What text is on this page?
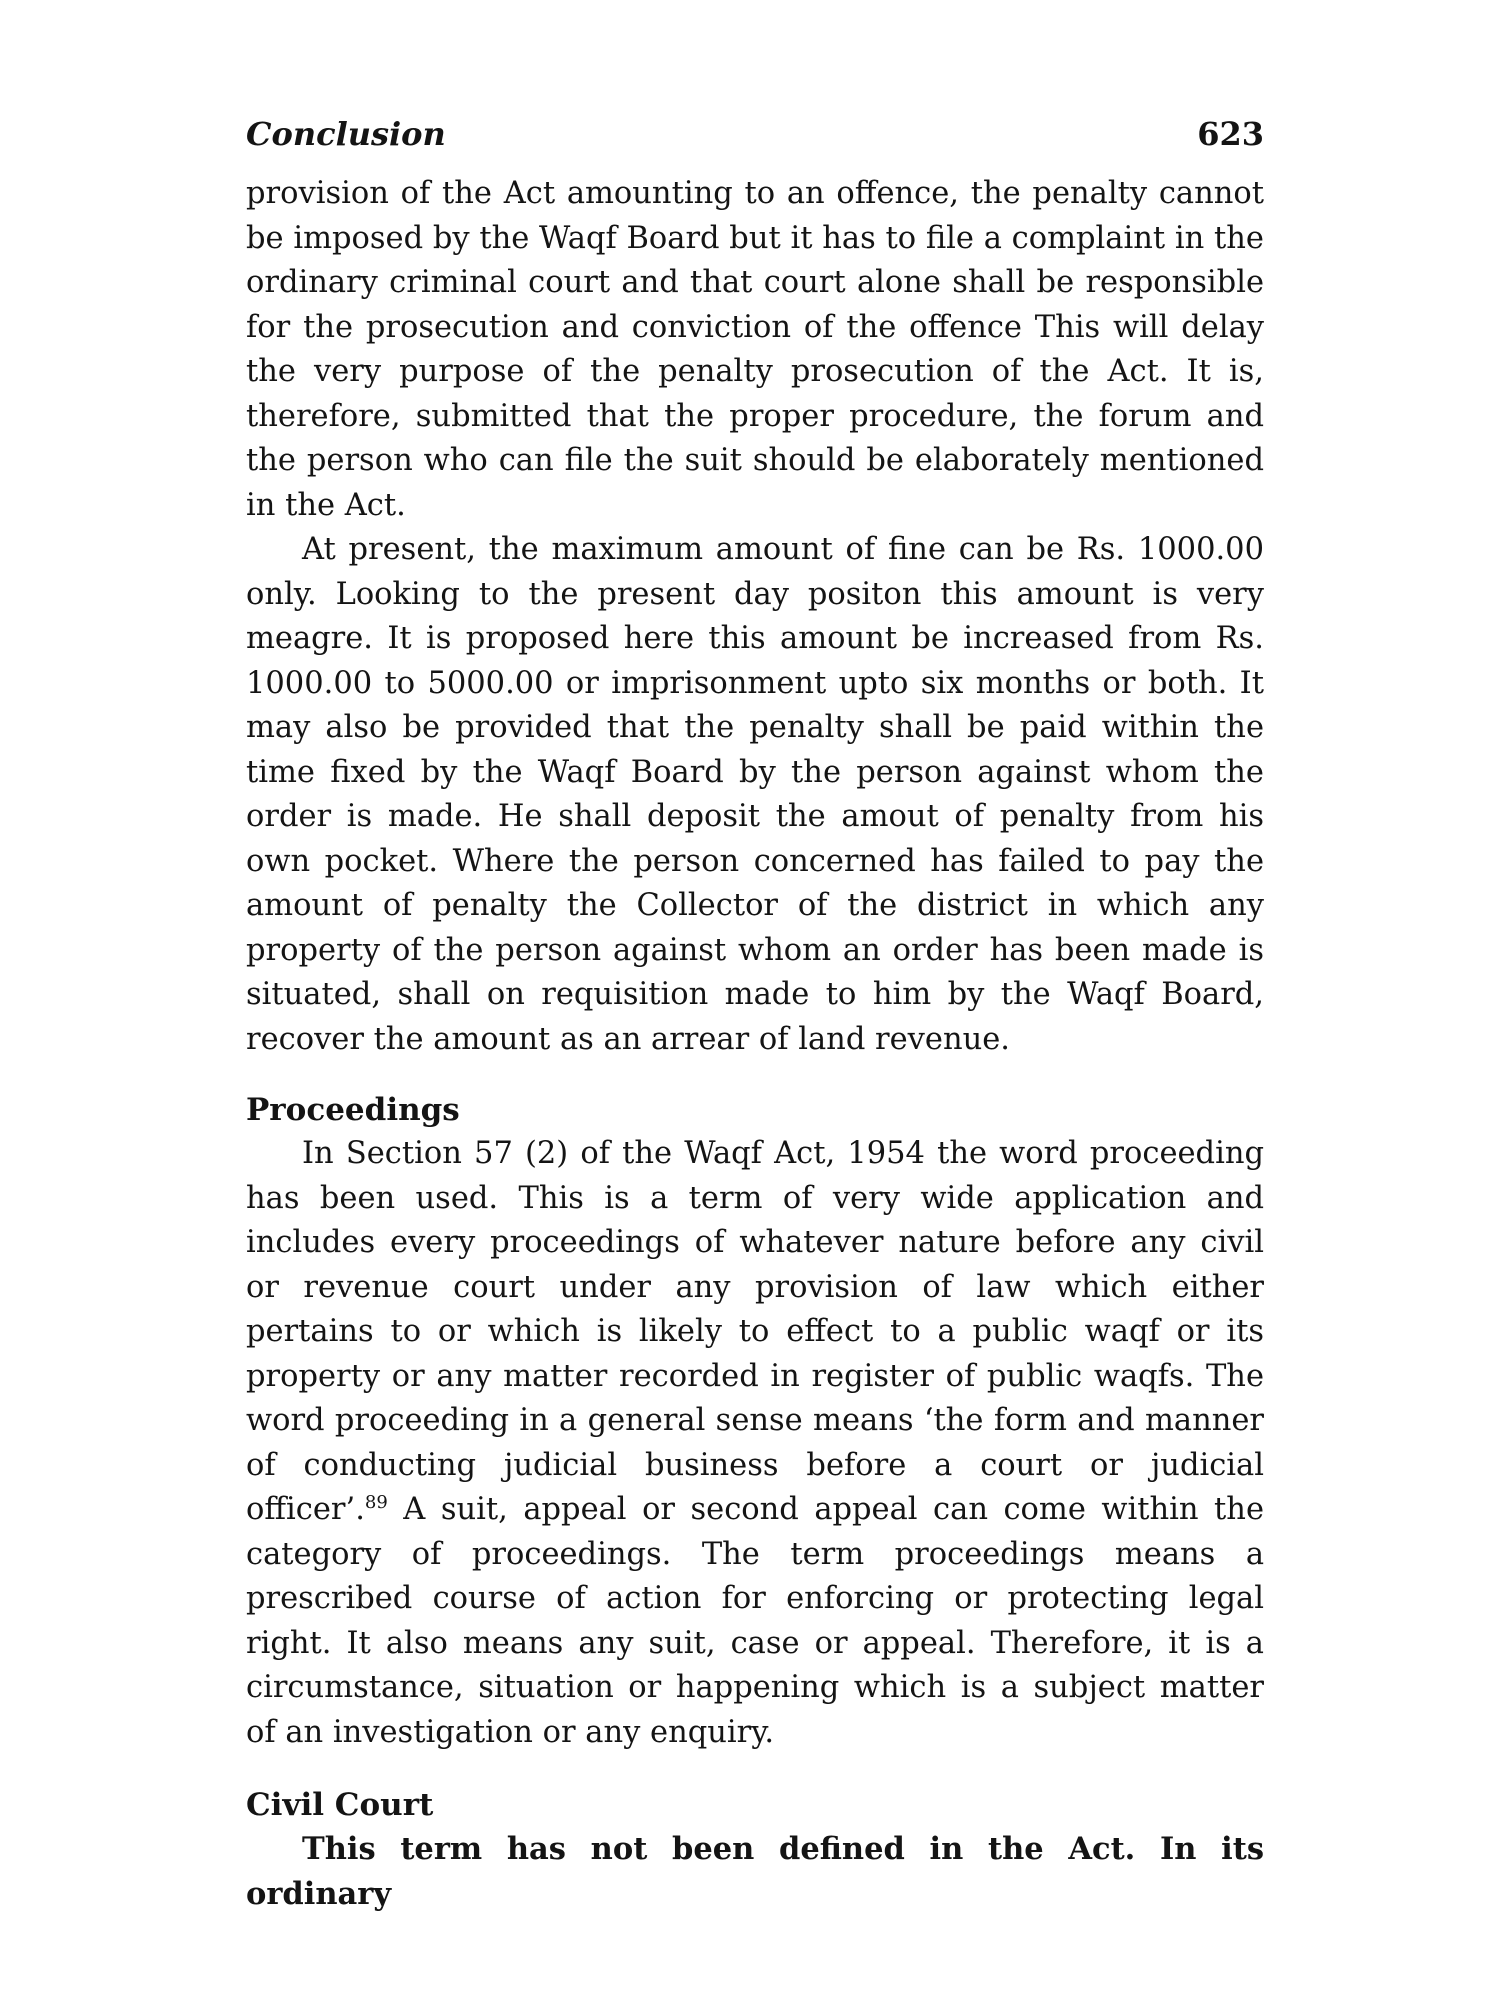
Conclusion	623

provision of the Act amounting to an offence, the penalty cannot be imposed by the Waqf Board but it has to file a complaint in the ordinary criminal court and that court alone shall be responsible for the prosecution and conviction of the offence This will delay the very purpose of the penalty prosecution of the Act. It is, therefore, submitted that the proper procedure, the forum and the person who can file the suit should be elaborately mentioned in the Act.

At present, the maximum amount of fine can be Rs. 1000.00 only. Looking to the present day positon this amount is very meagre. It is proposed here this amount be increased from Rs. 1000.00 to 5000.00 or imprisonment upto six months or both. It may also be provided that the penalty shall be paid within the time fixed by the Waqf Board by the person against whom the order is made. He shall deposit the amout of penalty from his own pocket. Where the person concerned has failed to pay the amount of penalty the Collector of the district in which any property of the person against whom an order has been made is situated, shall on requisition made to him by the Waqf Board, recover the amount as an arrear of land revenue.

Proceedings

In Section 57 (2) of the Waqf Act, 1954 the word proceeding has been used. This is a term of very wide application and includes every proceedings of whatever nature before any civil or revenue court under any provision of law which either pertains to or which is likely to effect to a public waqf or its property or any matter recorded in register of public waqfs. The word proceeding in a general sense means ‘the form and manner of conducting judicial business before a court or judicial officer’.$^{89}$ A suit, appeal or second appeal can come within the category of proceedings. The term proceedings means a prescribed course of action for enforcing or protecting legal right. It also means any suit, case or appeal. Therefore, it is a circumstance, situation or happening which is a subject matter of an investigation or any enquiry.

Civil Court

This term has not been defined in the Act. In its ordinary
